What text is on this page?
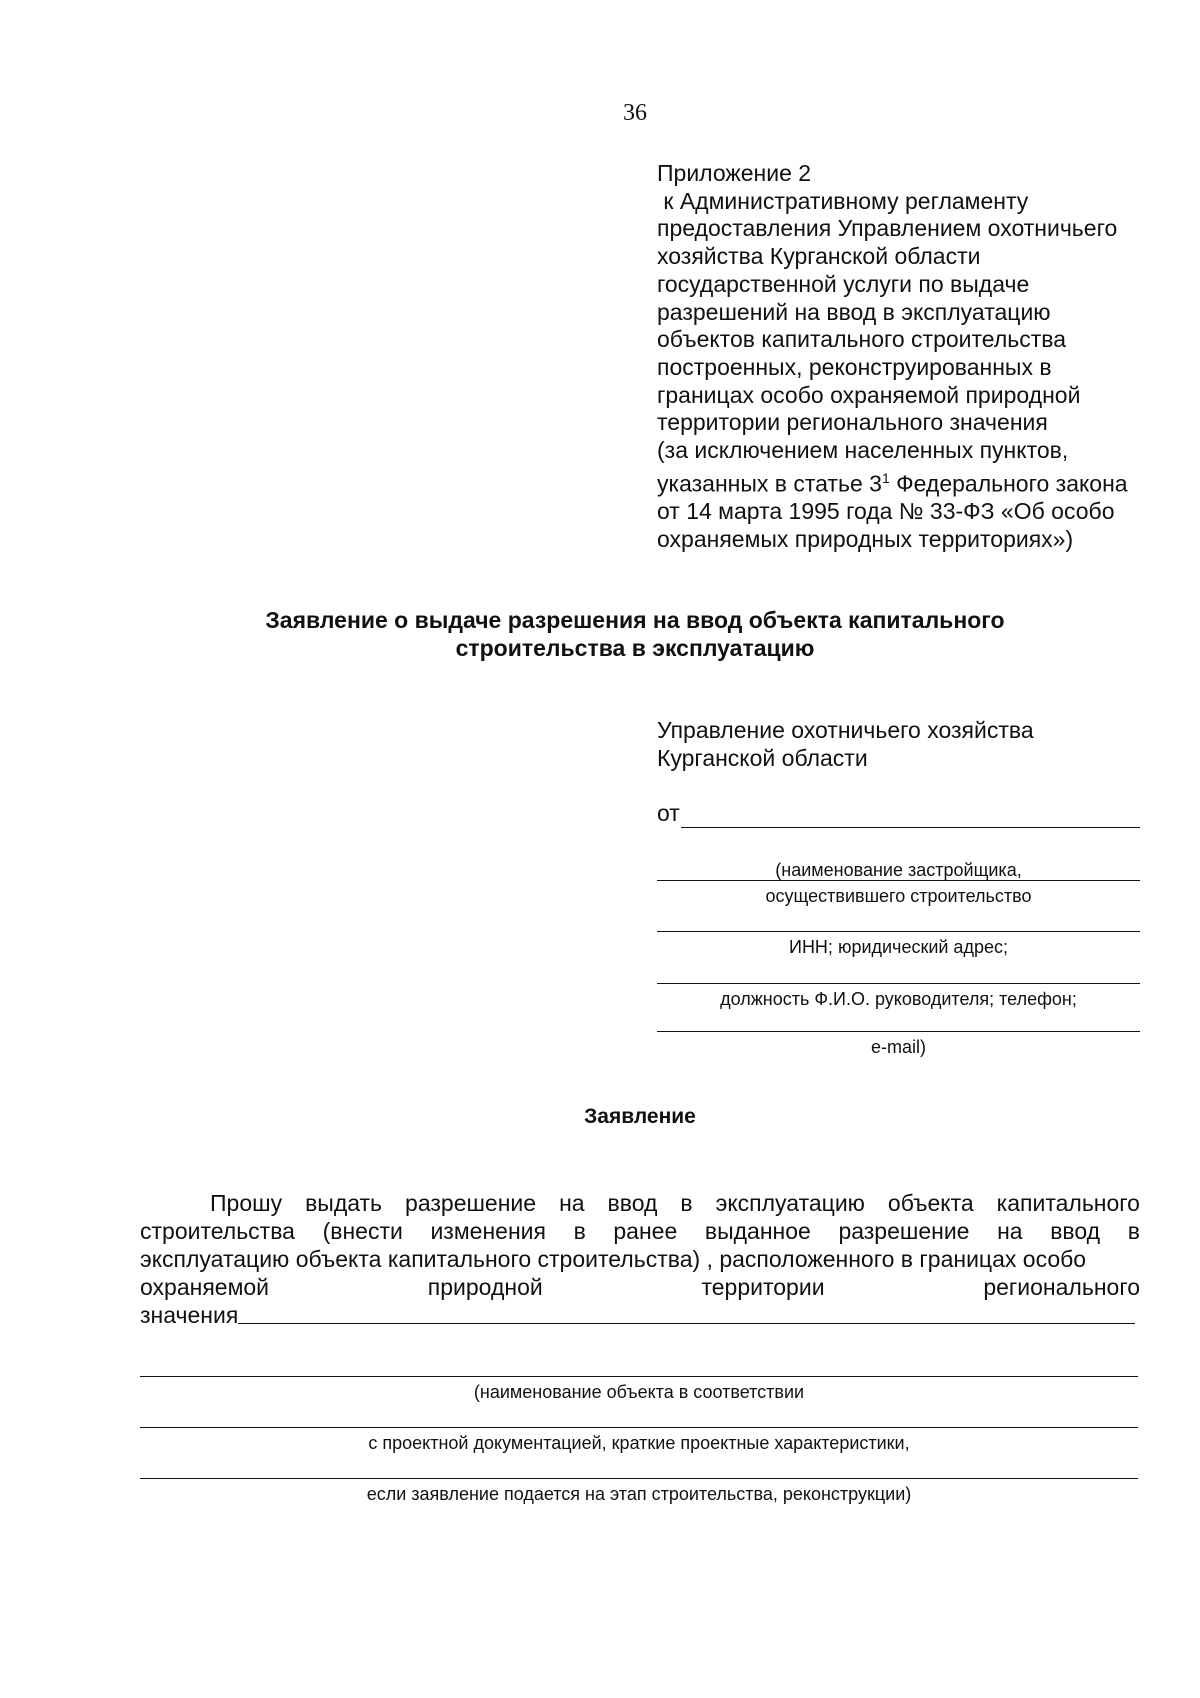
36
Приложение 2
к Административному регламенту
предоставления Управлением охотничьего
хозяйства Курганской области
государственной услуги по выдаче
разрешений на ввод в эксплуатацию
объектов капитального строительства
построенных, реконструированных в
границах особо охраняемой природной
территории регионального значения
(за исключением населенных пунктов,
указанных в статье $3^1$ Федерального закона
от 14 марта 1995 года № 33-ФЗ «Об особо
охраняемых природных территориях»)
Заявление о выдаче разрешения на ввод объекта капитального
строительства в эксплуатацию
Управление охотничьего хозяйства
Курганской области
от
(наименование застройщика,
осуществившего строительство
ИНН; юридический адрес;
должность Ф.И.О. руководителя; телефон;
e-mail)
Заявление
Прошу выдать разрешение на ввод в эксплуатацию объекта капитального
строительства (внести изменения в ранее выданное разрешение на ввод в
эксплуатацию объекта капитального строительства) , расположенного в границах особо
охраняемой	природной	территории	регионального
значения
(наименование объекта в соответствии
с проектной документацией, краткие проектные характеристики,
если заявление подается на этап строительства, реконструкции)
